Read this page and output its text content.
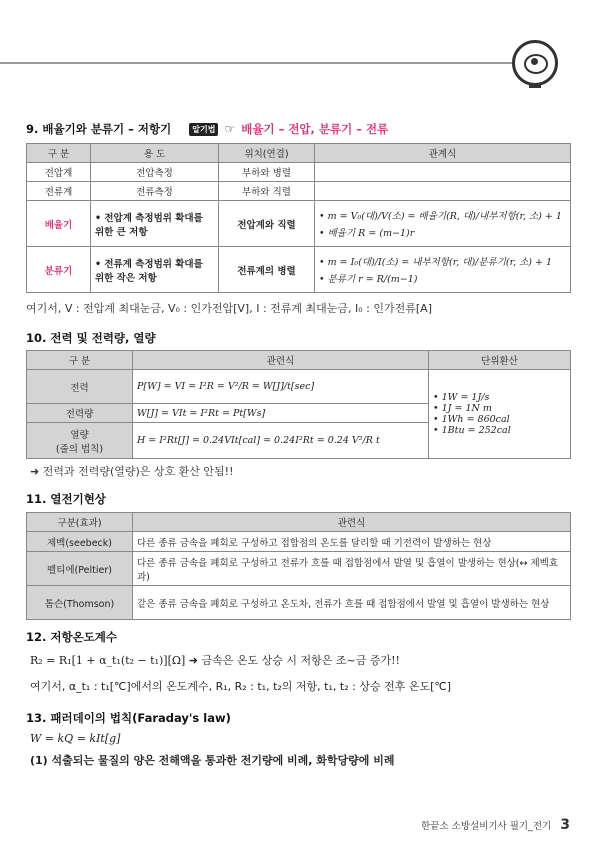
9. 배율기와 분류기 – 저항기	알기법 ☞ 배율기 – 전압, 분류기 – 전류
구 분	용 도	위치(연결)	관계식
전압계	전압측정	부하와 병렬	
전류계	전류측정	부하와 직렬	
배율기	• 전압계 측정범위 확대를 위한 큰 저항	전압계와 직렬	• m = V₀(대)/V(소) = 배율기(R, 대)/내부저항(r, 소) + 1
• 배율기 R = (m−1)r

분류기	• 전류계 측정범위 확대를 위한 작은 저항	전류계의 병렬	• m = I₀(대)/I(소) = 내부저항(r, 대)/분류기(r, 소) + 1
• 분류기 r = R/(m−1)
여기서, V : 전압계 최대눈금, V₀ : 인가전압[V], I : 전류계 최대눈금, I₀ : 인가전류[A]
10. 전력 및 전력량, 열량
구 분	관련식	단위환산
전력	P[W] = VI = I²R = V²/R = W[J]/t[sec]	• 1W = 1J/s
• 1J = 1N m
• 1Wh = 860cal
• 1Btu = 252cal

전력량	W[J] = VIt = I²Rt = Pt[Ws]	
열량
(줄의 법칙)	H = I²Rt[J] = 0.24VIt[cal] = 0.24I²Rt = 0.24 V²/R t	
➜ 전력과 전력량(열량)은 상호 환산 안됨!!
11. 열전기현상
구분(효과)	관련식
제벡(seebeck)	다른 종류 금속을 폐회로 구성하고 접합점의 온도를 달리할 때 기전력이 발생하는 현상
펠티에(Peltier)	다른 종류 금속을 폐회로 구성하고 전류가 흐를 때 접합점에서 발열 및 흡열이 발생하는 현상(↔ 제벡효과)
톰슨(Thomson)	같은 종류 금속을 폐회로 구성하고 온도차, 전류가 흐를 때 접합점에서 발열 및 흡열이 발생하는 현상
12. 저항온도계수
R₂ = R₁[1 + α_t₁(t₂ − t₁)][Ω] ➜ 금속은 온도 상승 시 저항은 조~금 증가!!
여기서, α_t₁ : t₁[℃]에서의 온도계수, R₁, R₂ : t₁, t₂의 저항, t₁, t₂ : 상승 전후 온도[℃]
13. 패러데이의 법칙(Faraday's law)
W = kQ = kIt[g]
(1) 석출되는 물질의 양은 전해액을 통과한 전기량에 비례, 화학당량에 비례
한끝소 소방설비기사 필기_전기 3
